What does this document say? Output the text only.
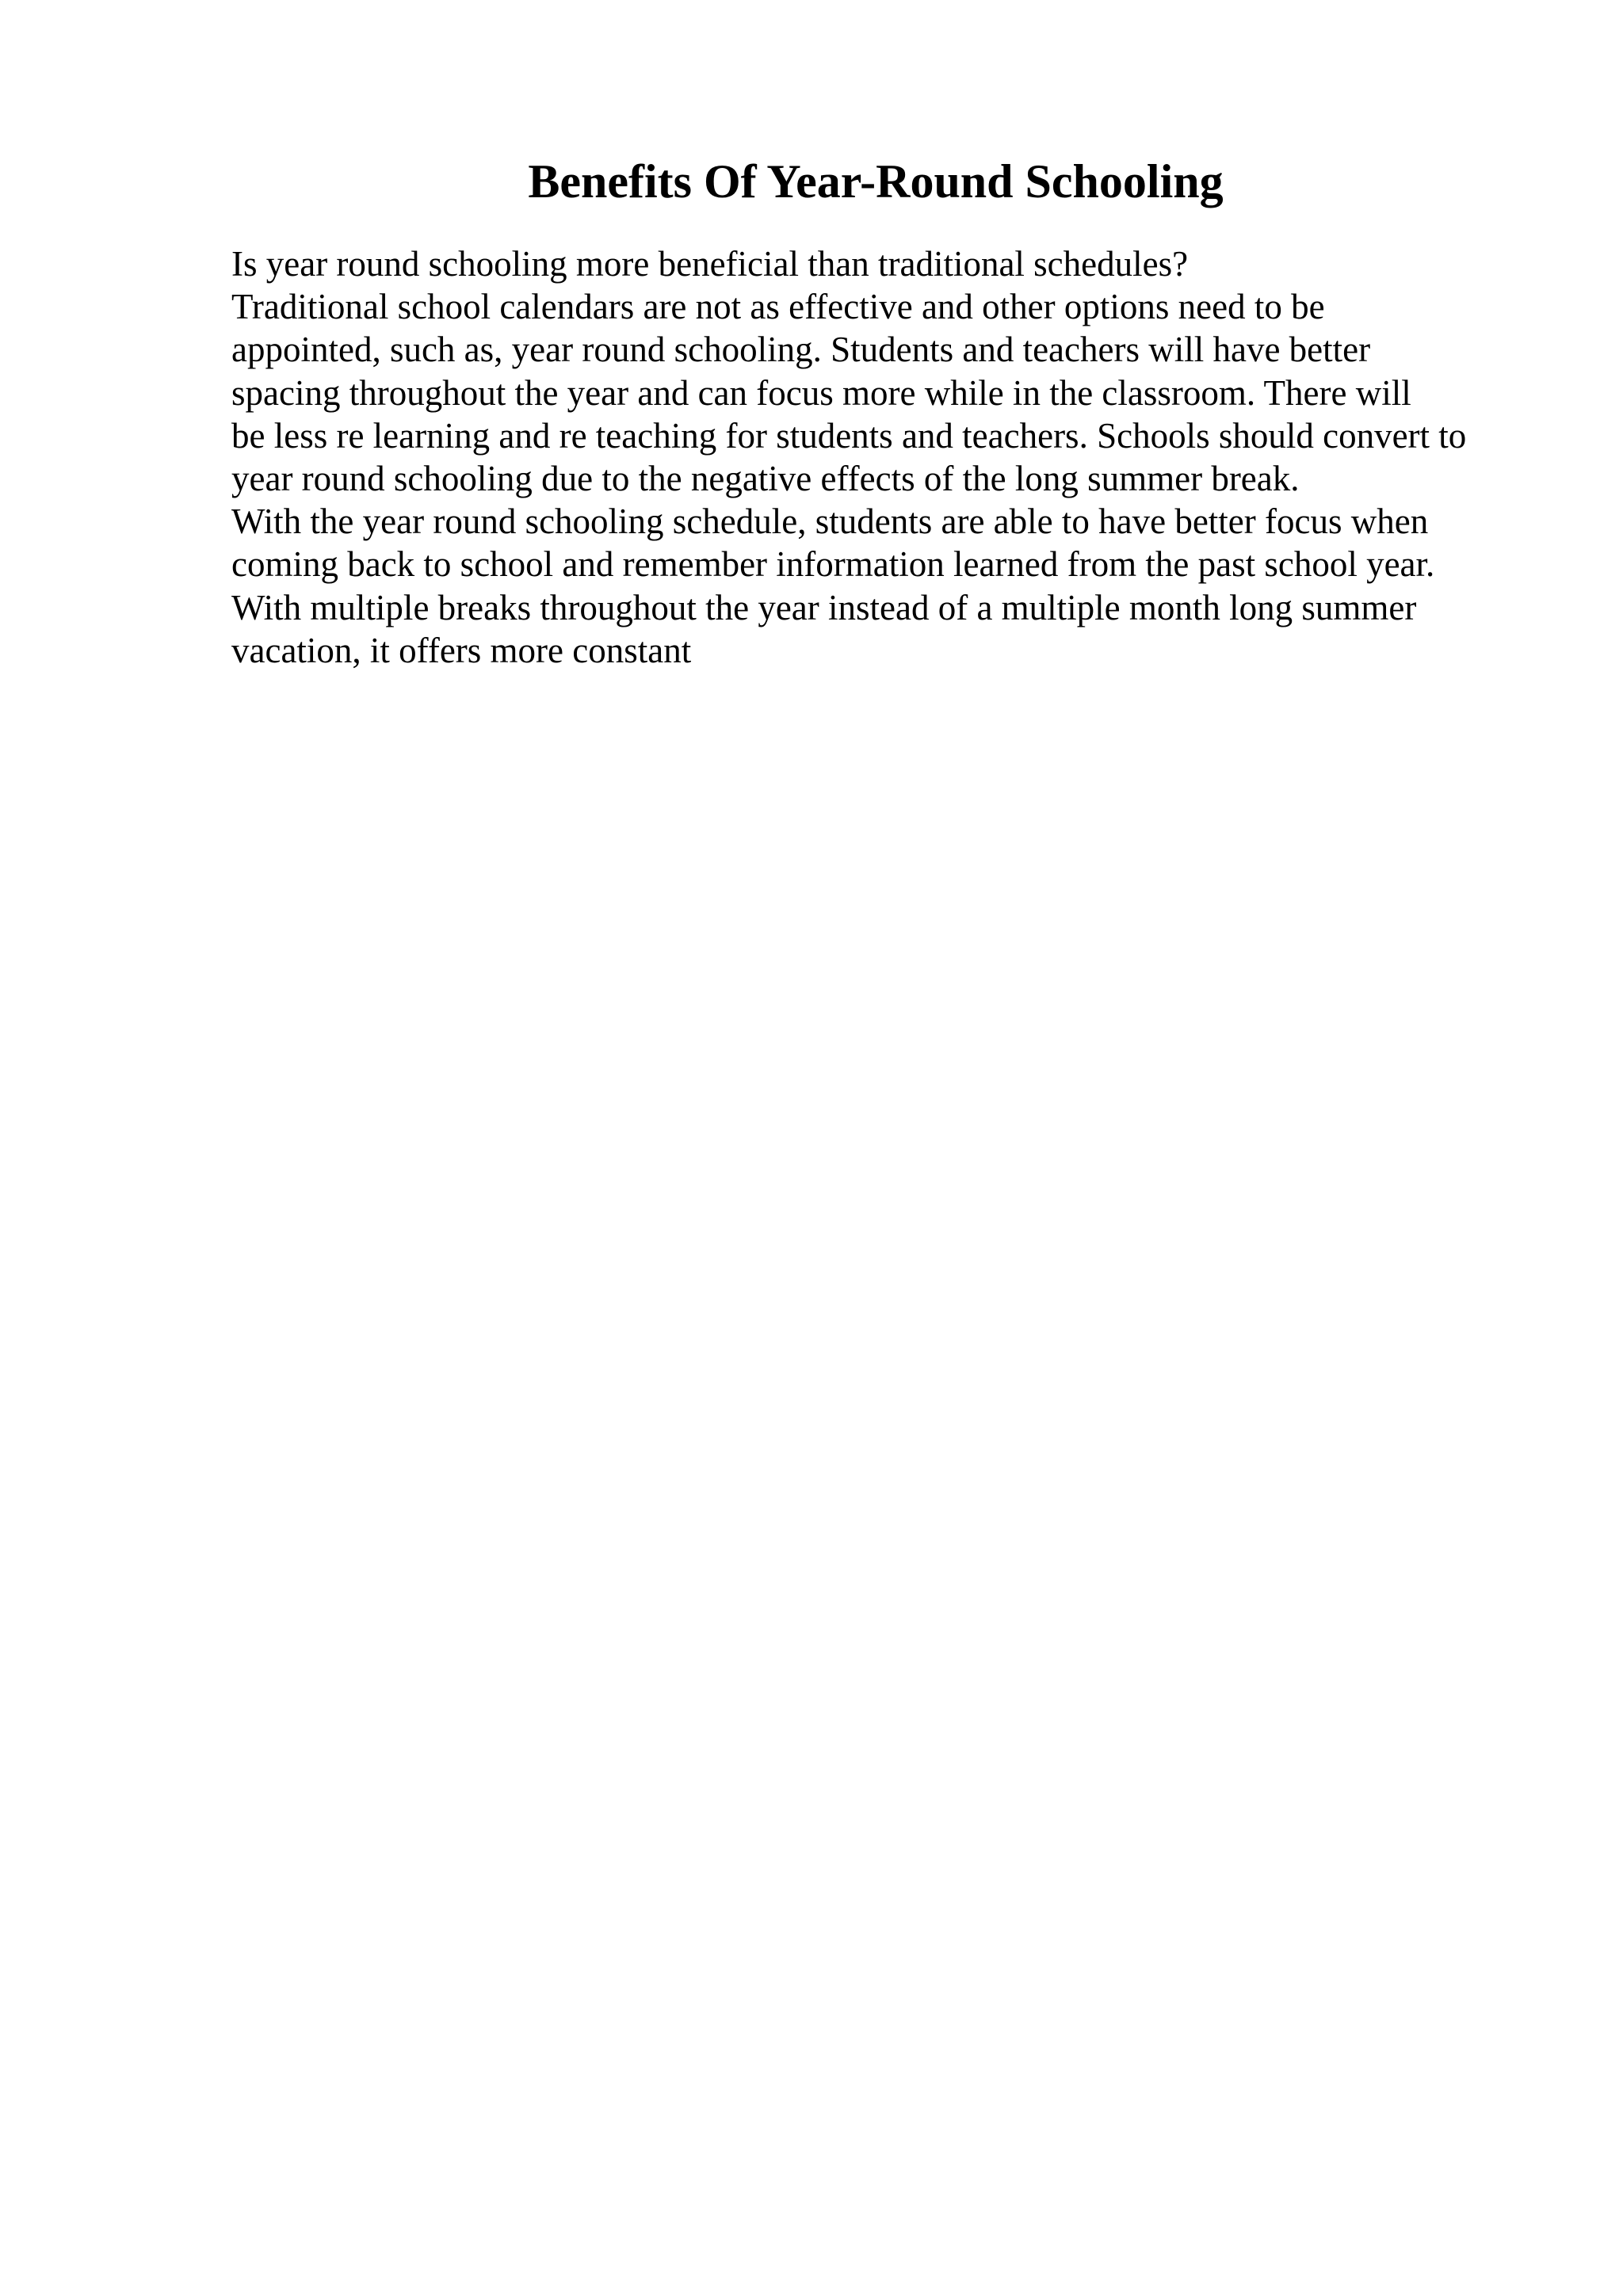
Benefits Of Year-Round Schooling
Is year round schooling more beneficial than traditional schedules?
Traditional school calendars are not as effective and other options need to be
appointed, such as, year round schooling. Students and teachers will have better
spacing throughout the year and can focus more while in the classroom. There will
be less re learning and re teaching for students and teachers. Schools should convert to
year round schooling due to the negative effects of the long summer break.
With the year round schooling schedule, students are able to have better focus when
coming back to school and remember information learned from the past school year.
With multiple breaks throughout the year instead of a multiple month long summer
vacation, it offers more constant
